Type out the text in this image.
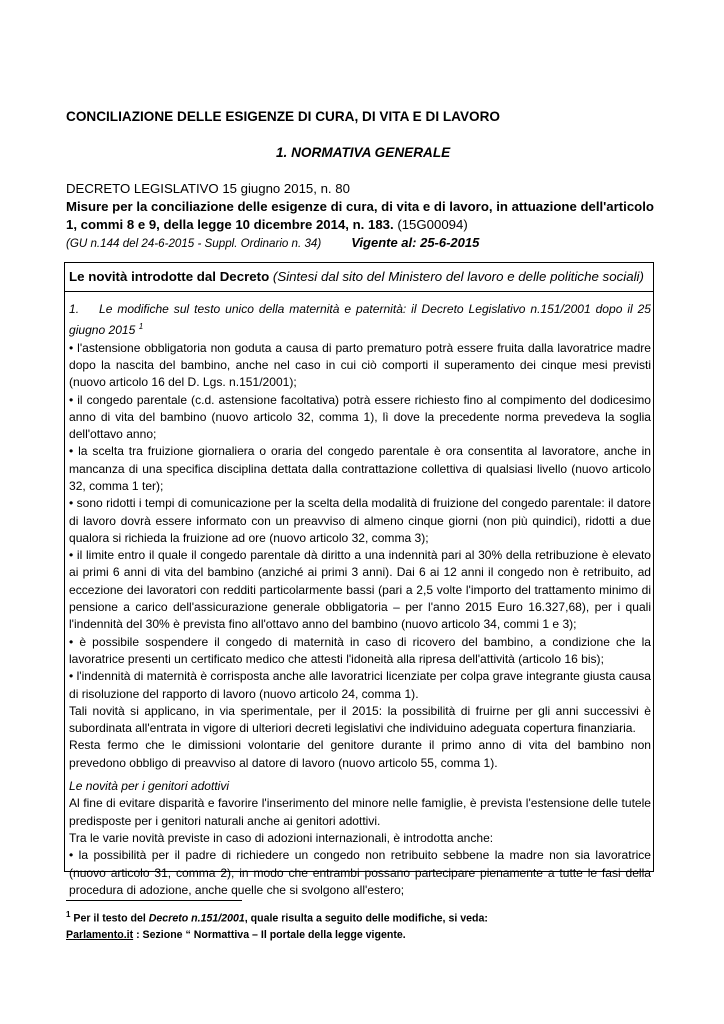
CONCILIAZIONE DELLE ESIGENZE DI CURA, DI VITA E DI LAVORO
1. NORMATIVA GENERALE
DECRETO LEGISLATIVO 15 giugno 2015, n. 80
Misure per la conciliazione delle esigenze di cura, di vita e di lavoro, in attuazione dell'articolo 1, commi 8 e 9, della legge 10 dicembre 2014, n. 183. (15G00094)
(GU n.144 del 24-6-2015 - Suppl. Ordinario n. 34) Vigente al: 25-6-2015
Le novità introdotte dal Decreto (Sintesi dal sito del Ministero del lavoro e delle politiche sociali)

1. Le modifiche sul testo unico della maternità e paternità: il Decreto Legislativo n.151/2001 dopo il 25 giugno 2015 $^1$

• l'astensione obbligatoria non goduta a causa di parto prematuro potrà essere fruita dalla lavoratrice madre dopo la nascita del bambino, anche nel caso in cui ciò comporti il superamento dei cinque mesi previsti (nuovo articolo 16 del D. Lgs. n.151/2001);

• il congedo parentale (c.d. astensione facoltativa) potrà essere richiesto fino al compimento del dodicesimo anno di vita del bambino (nuovo articolo 32, comma 1), lì dove la precedente norma prevedeva la soglia dell'ottavo anno;

• la scelta tra fruizione giornaliera o oraria del congedo parentale è ora consentita al lavoratore, anche in mancanza di una specifica disciplina dettata dalla contrattazione collettiva di qualsiasi livello (nuovo articolo 32, comma 1 ter);

• sono ridotti i tempi di comunicazione per la scelta della modalità di fruizione del congedo parentale: il datore di lavoro dovrà essere informato con un preavviso di almeno cinque giorni (non più quindici), ridotti a due qualora si richieda la fruizione ad ore (nuovo articolo 32, comma 3);

• il limite entro il quale il congedo parentale dà diritto a una indennità pari al 30% della retribuzione è elevato ai primi 6 anni di vita del bambino (anziché ai primi 3 anni). Dai 6 ai 12 anni il congedo non è retribuito, ad eccezione dei lavoratori con redditi particolarmente bassi (pari a 2,5 volte l'importo del trattamento minimo di pensione a carico dell'assicurazione generale obbligatoria – per l'anno 2015 Euro 16.327,68), per i quali l'indennità del 30% è prevista fino all'ottavo anno del bambino (nuovo articolo 34, commi 1 e 3);

• è possibile sospendere il congedo di maternità in caso di ricovero del bambino, a condizione che la lavoratrice presenti un certificato medico che attesti l'idoneità alla ripresa dell'attività (articolo 16 bis);

• l'indennità di maternità è corrisposta anche alle lavoratrici licenziate per colpa grave integrante giusta causa di risoluzione del rapporto di lavoro (nuovo articolo 24, comma 1).

Tali novità si applicano, in via sperimentale, per il 2015: la possibilità di fruirne per gli anni successivi è subordinata all'entrata in vigore di ulteriori decreti legislativi che individuino adeguata copertura finanziaria.

Resta fermo che le dimissioni volontarie del genitore durante il primo anno di vita del bambino non prevedono obbligo di preavviso al datore di lavoro (nuovo articolo 55, comma 1).

Le novità per i genitori adottivi

Al fine di evitare disparità e favorire l'inserimento del minore nelle famiglie, è prevista l'estensione delle tutele predisposte per i genitori naturali anche ai genitori adottivi.

Tra le varie novità previste in caso di adozioni internazionali, è introdotta anche:

• la possibilità per il padre di richiedere un congedo non retribuito sebbene la madre non sia lavoratrice (nuovo articolo 31, comma 2), in modo che entrambi possano partecipare pienamente a tutte le fasi della procedura di adozione, anche quelle che si svolgono all'estero;

$^1$ Per il testo del Decreto n.151/2001, quale risulta a seguito delle modifiche, si veda:
Parlamento.it : Sezione “ Normattiva – Il portale della legge vigente.
